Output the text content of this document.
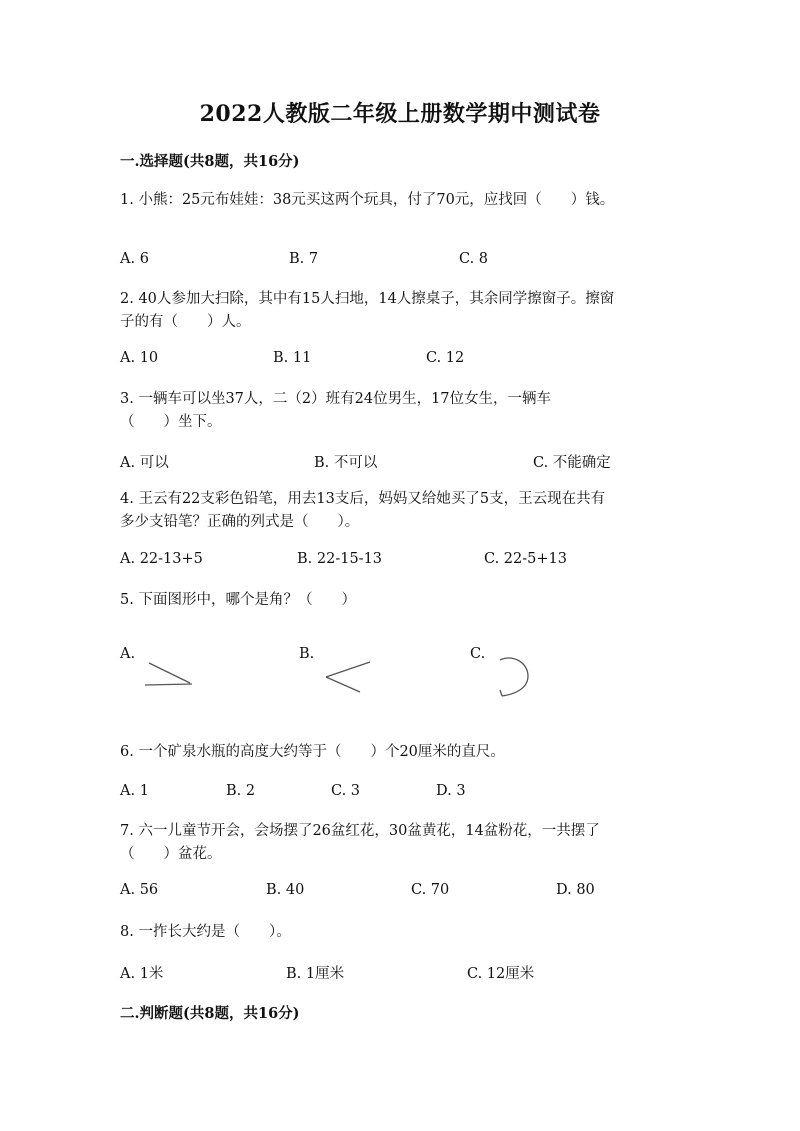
2022人教版二年级上册数学期中测试卷
一.选择题(共8题，共16分)
1. 小熊：25元布娃娃：38元买这两个玩具，付了70元，应找回（　　）钱。
A. 6	B. 7	C. 8
2. 40人参加大扫除，其中有15人扫地，14人擦桌子，其余同学擦窗子。擦窗
子的有（　　）人。
A. 10	B. 11	C. 12
3. 一辆车可以坐37人，二（2）班有24位男生，17位女生，一辆车
（　　）坐下。
A. 可以	B. 不可以	C. 不能确定
4. 王云有22支彩色铅笔，用去13支后，妈妈又给她买了5支，王云现在共有
多少支铅笔？正确的列式是（　　）。
A. 22-13+5	B. 22-15-13	C. 22-5+13
5. 下面图形中，哪个是角？（　　）
A.	B.	C.
6. 一个矿泉水瓶的高度大约等于（　　）个20厘米的直尺。
A. 1	B. 2	C. 3	D. 3
7. 六一儿童节开会，会场摆了26盆红花，30盆黄花，14盆粉花，一共摆了
（　　）盆花。
A. 56	B. 40	C. 70	D. 80
8. 一拃长大约是（　　）。
A. 1米	B. 1厘米	C. 12厘米
二.判断题(共8题，共16分)
